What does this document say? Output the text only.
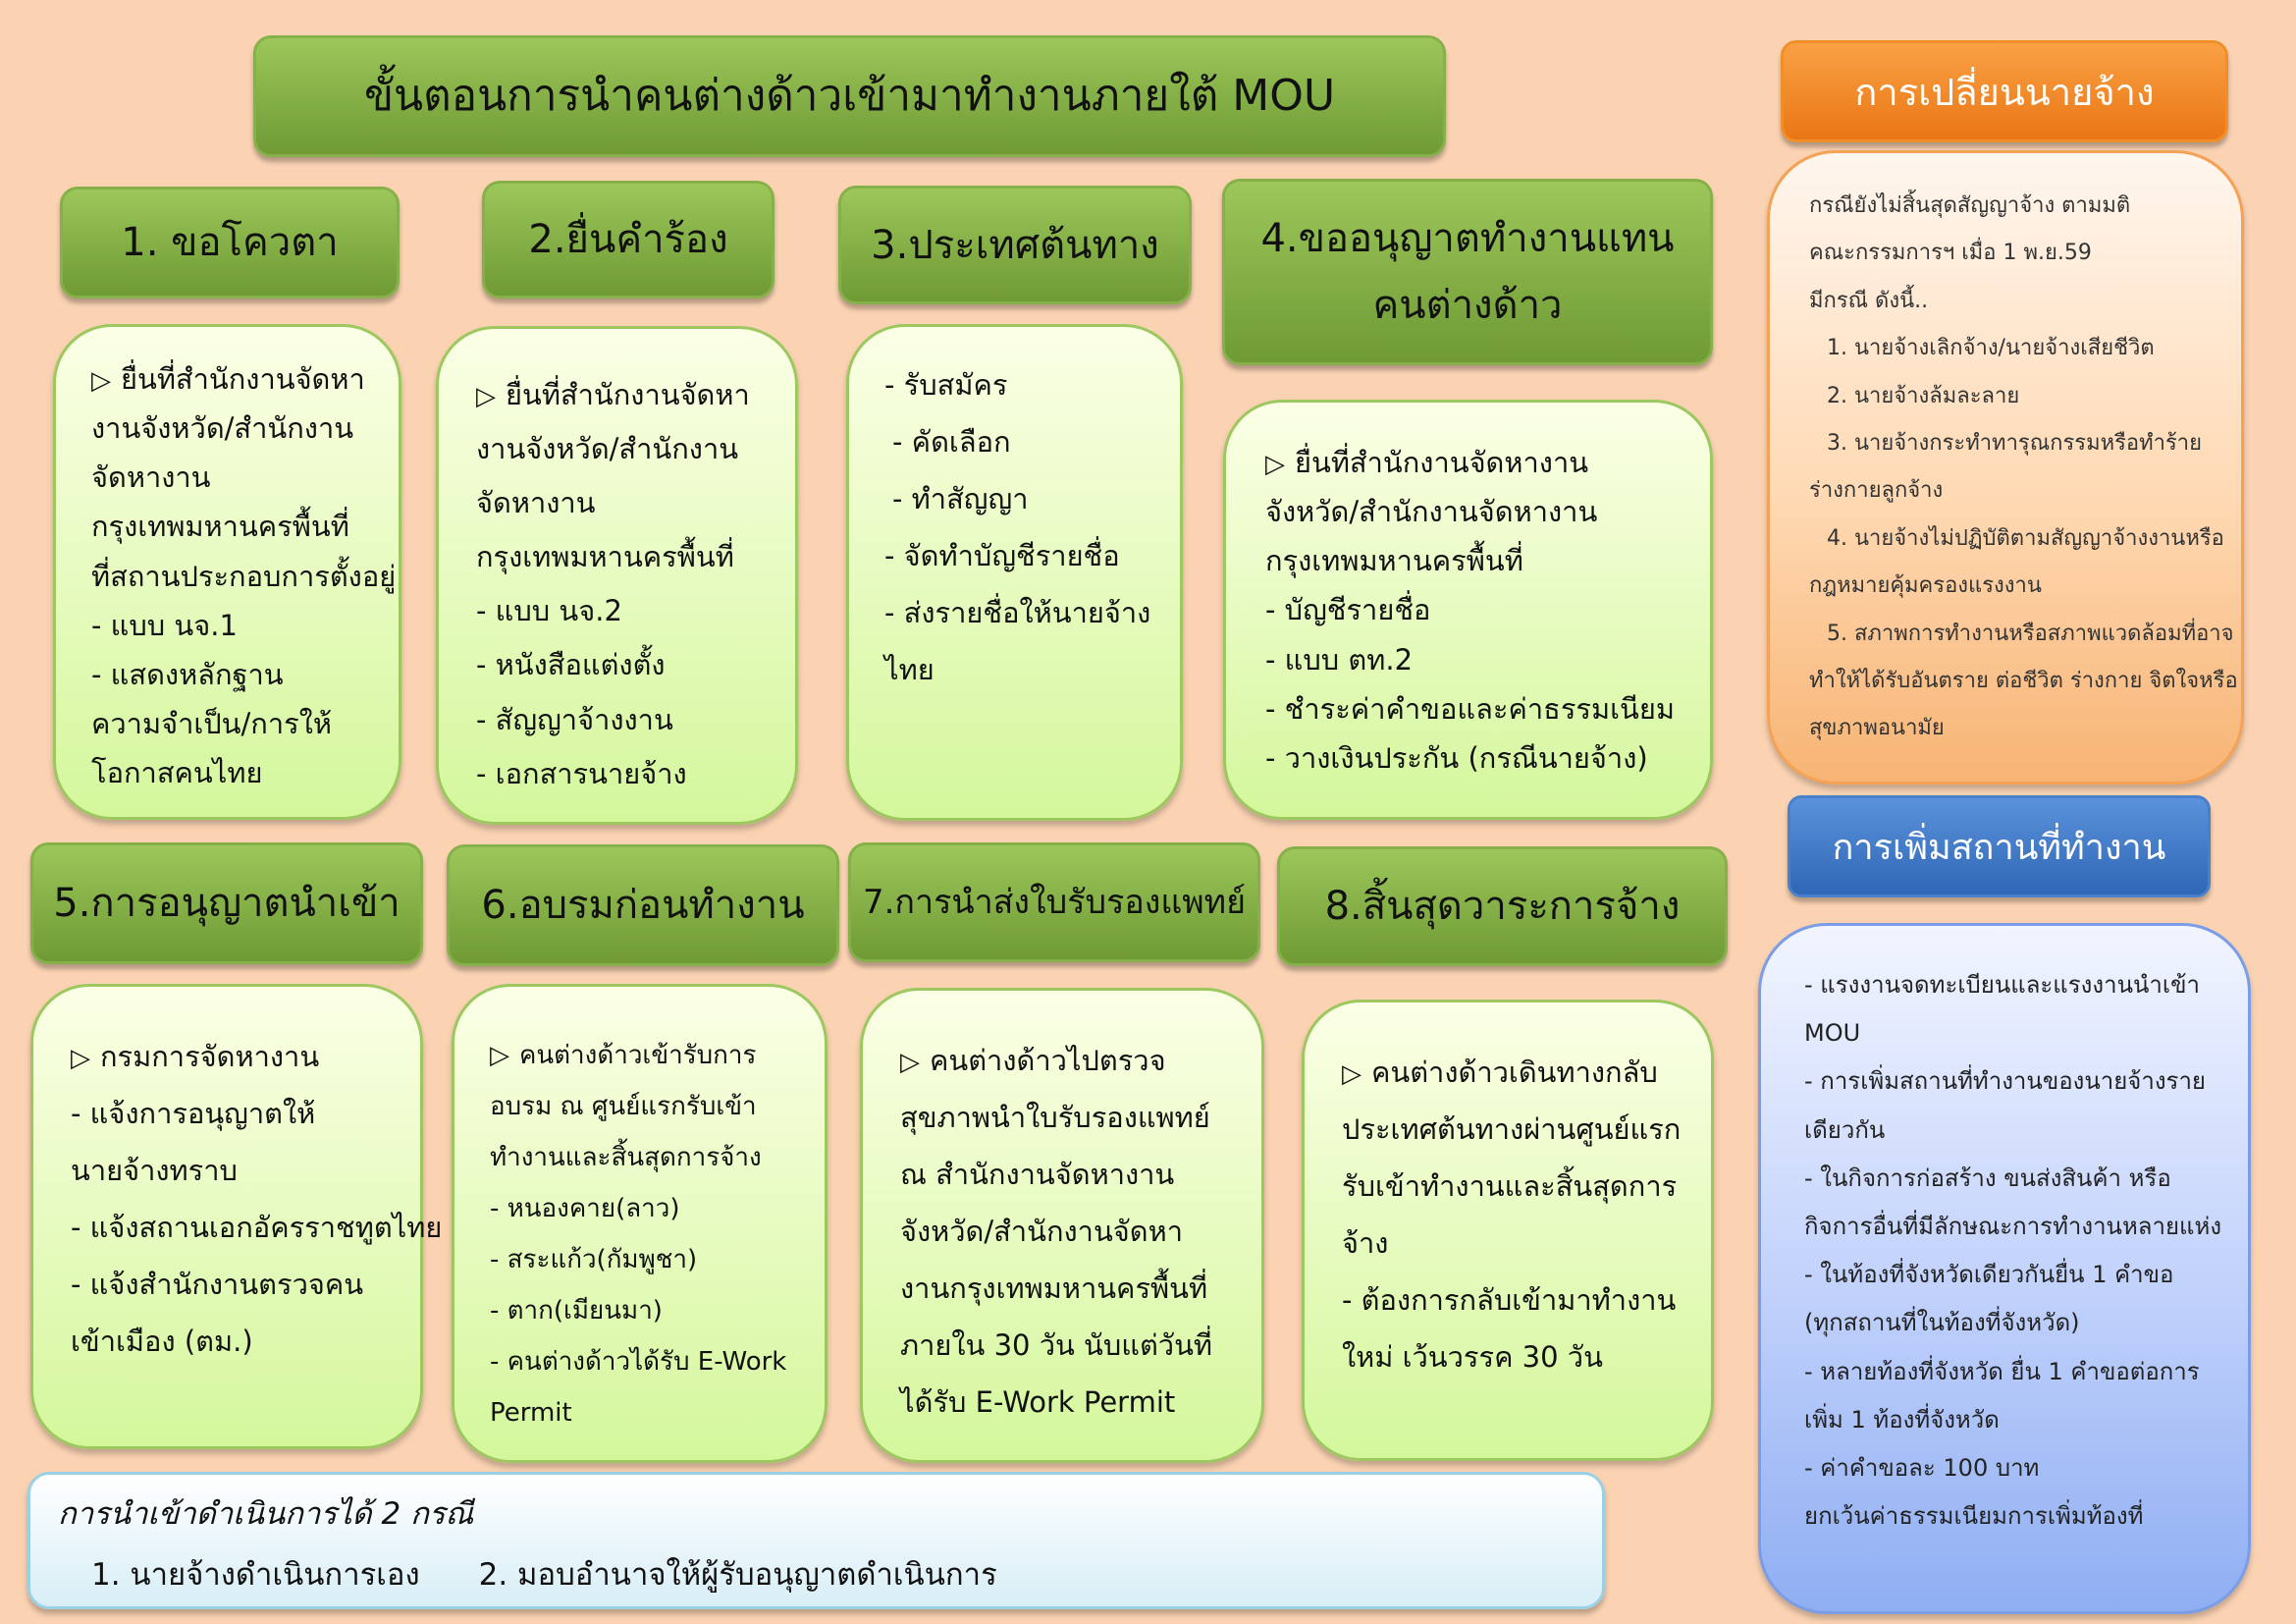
ขั้นตอนการนำคนต่างด้าวเข้ามาทำงานภายใต้ MOU
1. ขอโควตา
▷ ยื่นที่สำนักงานจัดหา
งานจังหวัด/สำนักงาน
จัดหางาน
กรุงเทพมหานครพื้นที่
ที่สถานประกอบการตั้งอยู่
- แบบ นจ.1
- แสดงหลักฐาน
ความจำเป็น/การให้
โอกาสคนไทย
2.ยื่นคำร้อง
▷ ยื่นที่สำนักงานจัดหา
งานจังหวัด/สำนักงาน
จัดหางาน
กรุงเทพมหานครพื้นที่
- แบบ นจ.2
- หนังสือแต่งตั้ง
- สัญญาจ้างงาน
- เอกสารนายจ้าง
3.ประเทศต้นทาง
- รับสมัคร
- คัดเลือก
- ทำสัญญา
- จัดทำบัญชีรายชื่อ
- ส่งรายชื่อให้นายจ้าง
ไทย
4.ขออนุญาตทำงานแทน
คนต่างด้าว
▷ ยื่นที่สำนักงานจัดหางาน
จังหวัด/สำนักงานจัดหางาน
กรุงเทพมหานครพื้นที่
- บัญชีรายชื่อ
- แบบ ตท.2
- ชำระค่าคำขอและค่าธรรมเนียม
- วางเงินประกัน (กรณีนายจ้าง)
5.การอนุญาตนำเข้า
▷ กรมการจัดหางาน
- แจ้งการอนุญาตให้
นายจ้างทราบ
- แจ้งสถานเอกอัครราชทูตไทย
- แจ้งสำนักงานตรวจคน
เข้าเมือง (ตม.)
6.อบรมก่อนทำงาน
▷ คนต่างด้าวเข้ารับการ
อบรม ณ ศูนย์แรกรับเข้า
ทำงานและสิ้นสุดการจ้าง
- หนองคาย(ลาว)
- สระแก้ว(กัมพูชา)
- ตาก(เมียนมา)
- คนต่างด้าวได้รับ E-Work
Permit
7.การนำส่งใบรับรองแพทย์
▷ คนต่างด้าวไปตรวจ
สุขภาพนำใบรับรองแพทย์
ณ สำนักงานจัดหางาน
จังหวัด/สำนักงานจัดหา
งานกรุงเทพมหานครพื้นที่
ภายใน 30 วัน นับแต่วันที่
ได้รับ E-Work Permit
8.สิ้นสุดวาระการจ้าง
▷ คนต่างด้าวเดินทางกลับ
ประเทศต้นทางผ่านศูนย์แรก
รับเข้าทำงานและสิ้นสุดการ
จ้าง
- ต้องการกลับเข้ามาทำงาน
ใหม่ เว้นวรรค 30 วัน
การนำเข้าดำเนินการได้ 2 กรณี
1. นายจ้างดำเนินการเอง 2. มอบอำนาจให้ผู้รับอนุญาตดำเนินการ
การเปลี่ยนนายจ้าง
กรณียังไม่สิ้นสุดสัญญาจ้าง ตามมติ
คณะกรรมการฯ เมื่อ 1 พ.ย.59
มีกรณี ดังนี้..
1. นายจ้างเลิกจ้าง/นายจ้างเสียชีวิต
2. นายจ้างล้มละลาย
3. นายจ้างกระทำทารุณกรรมหรือทำร้าย
ร่างกายลูกจ้าง
4. นายจ้างไม่ปฏิบัติตามสัญญาจ้างงานหรือ
กฎหมายคุ้มครองแรงงาน
5. สภาพการทำงานหรือสภาพแวดล้อมที่อาจ
ทำให้ได้รับอันตราย ต่อชีวิต ร่างกาย จิตใจหรือ
สุขภาพอนามัย
การเพิ่มสถานที่ทำงาน
- แรงงานจดทะเบียนและแรงงานนำเข้า
MOU
- การเพิ่มสถานที่ทำงานของนายจ้างราย
เดียวกัน
- ในกิจการก่อสร้าง ขนส่งสินค้า หรือ
กิจการอื่นที่มีลักษณะการทำงานหลายแห่ง
- ในท้องที่จังหวัดเดียวกันยื่น 1 คำขอ
(ทุกสถานที่ในท้องที่จังหวัด)
- หลายท้องที่จังหวัด ยื่น 1 คำขอต่อการ
เพิ่ม 1 ท้องที่จังหวัด
- ค่าคำขอละ 100 บาท
ยกเว้นค่าธรรมเนียมการเพิ่มท้องที่
